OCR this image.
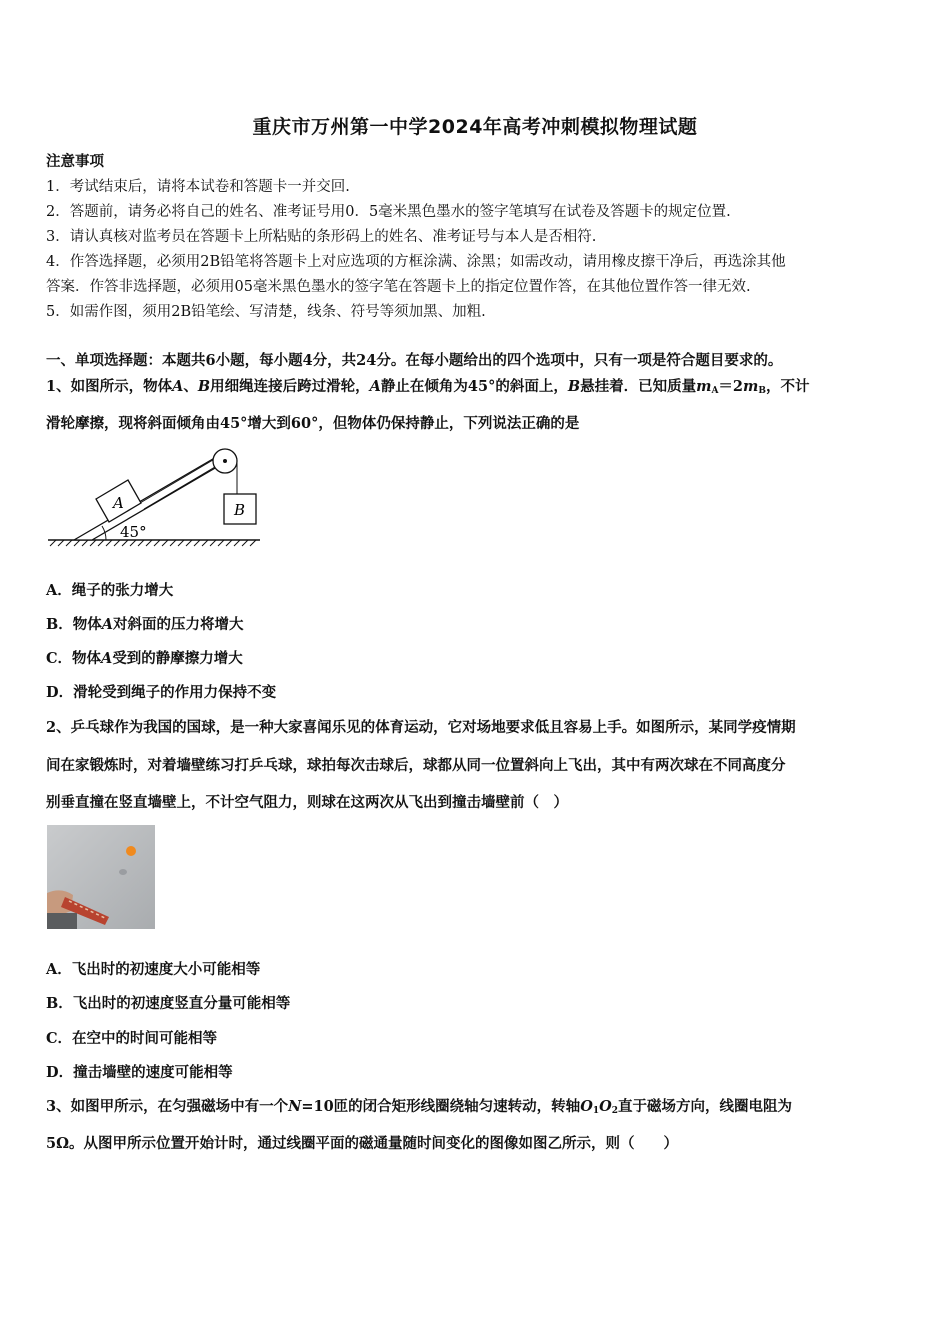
重庆市万州第一中学2024年高考冲刺模拟物理试题
注意事项
1．考试结束后，请将本试卷和答题卡一并交回.
2．答题前，请务必将自己的姓名、准考证号用0．5毫米黑色墨水的签字笔填写在试卷及答题卡的规定位置.
3．请认真核对监考员在答题卡上所粘贴的条形码上的姓名、准考证号与本人是否相符.
4．作答选择题，必须用2B铅笔将答题卡上对应选项的方框涂满、涂黑；如需改动，请用橡皮擦干净后，再选涂其他
答案．作答非选择题，必须用05毫米黑色墨水的签字笔在答题卡上的指定位置作答，在其他位置作答一律无效.
5．如需作图，须用2B铅笔绘、写清楚，线条、符号等须加黑、加粗.
一、单项选择题：本题共6小题，每小题4分，共24分。在每小题给出的四个选项中，只有一项是符合题目要求的。
1、如图所示，物体A、B用细绳连接后跨过滑轮，A静止在倾角为45°的斜面上，B悬挂着．已知质量$m_A=2m_B$，不计
滑轮摩擦，现将斜面倾角由45°增大到60°，但物体仍保持静止，下列说法正确的是
A	B
45°
A．绳子的张力增大
B．物体A对斜面的压力将增大
C．物体A受到的静摩擦力增大
D．滑轮受到绳子的作用力保持不变
2、乒乓球作为我国的国球，是一种大家喜闻乐见的体育运动，它对场地要求低且容易上手。如图所示，某同学疫情期
间在家锻炼时，对着墙壁练习打乒乓球，球拍每次击球后，球都从同一位置斜向上飞出，其中有两次球在不同高度分
别垂直撞在竖直墙壁上，不计空气阻力，则球在这两次从飞出到撞击墙壁前（　）
A．飞出时的初速度大小可能相等
B．飞出时的初速度竖直分量可能相等
C．在空中的时间可能相等
D．撞击墙壁的速度可能相等
3、如图甲所示，在匀强磁场中有一个N=10匝的闭合矩形线圈绕轴匀速转动，转轴$O_1O_2$直于磁场方向，线圈电阻为
5Ω。从图甲所示位置开始计时，通过线圈平面的磁通量随时间变化的图像如图乙所示，则（　　）
